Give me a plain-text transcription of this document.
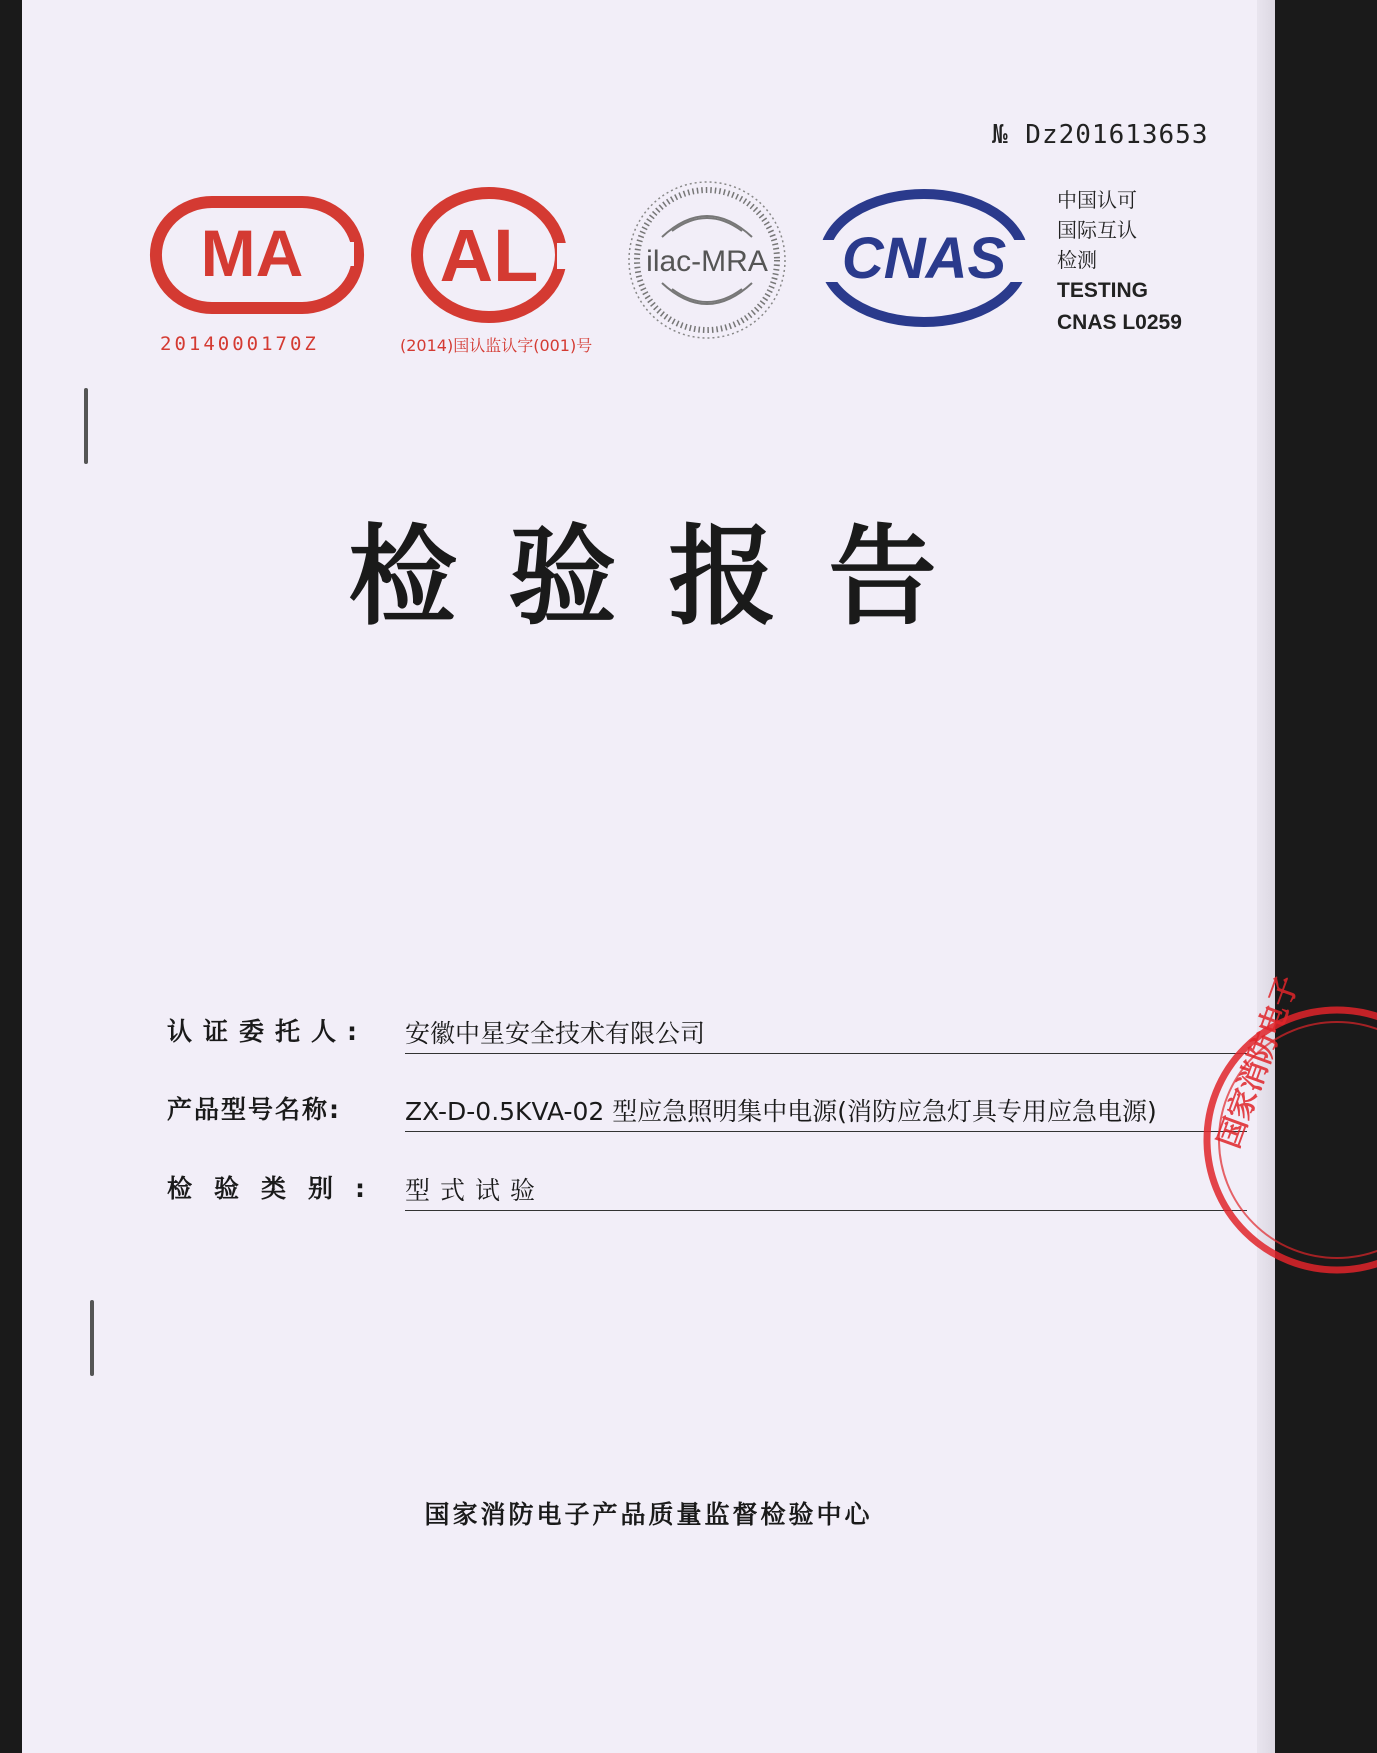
№ Dz201613653
MA
2014000170Z
AL
(2014)国认监认字(001)号
ilac-MRA CNAS
中国认可
国际互认
检测
TESTING
CNAS L0259
检验报告
认证委托人: 安徽中星安全技术有限公司
产品型号名称:	ZX-D-0.5KVA-02 型应急照明集中电源(消防应急灯具专用应急电源)
检验类别: 型式试验
国家消防电子产品质量监督检验中心
国家消防电子
